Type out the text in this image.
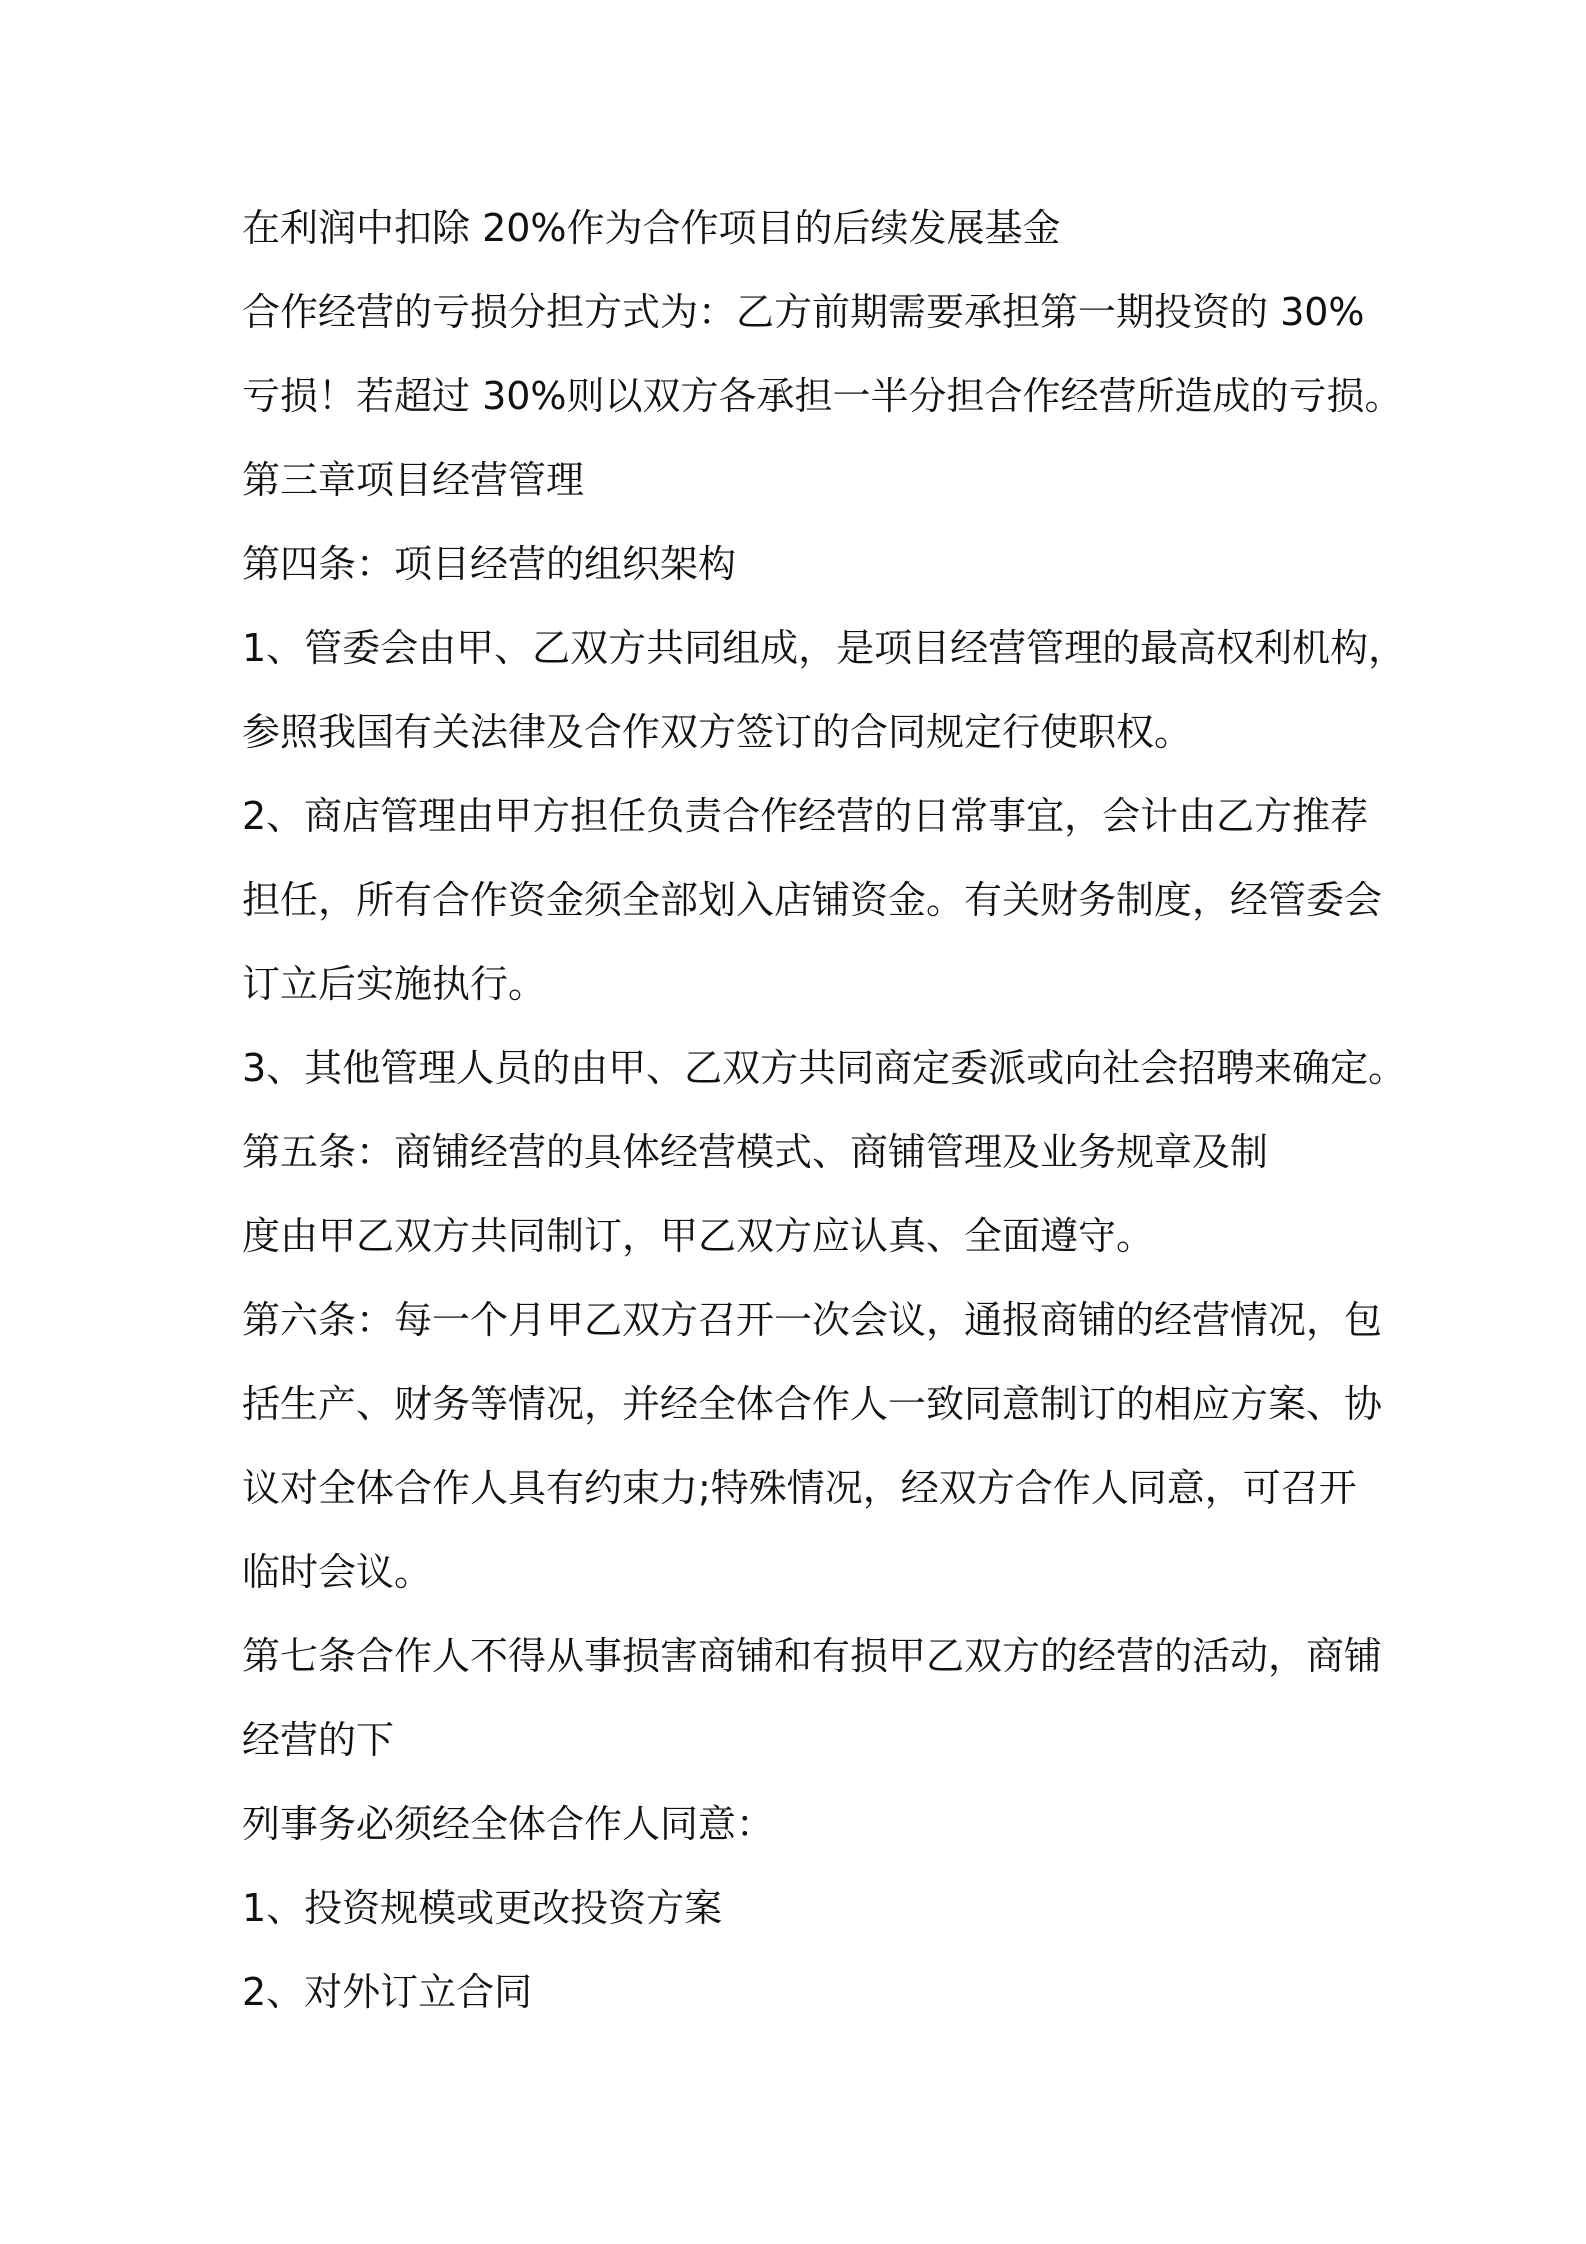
在利润中扣除 20%作为合作项目的后续发展基金

合作经营的亏损分担方式为：乙方前期需要承担第一期投资的 30%

亏损！若超过 30%则以双方各承担一半分担合作经营所造成的亏损。

第三章项目经营管理

第四条：项目经营的组织架构

1、管委会由甲、乙双方共同组成，是项目经营管理的最高权利机构，

参照我国有关法律及合作双方签订的合同规定行使职权。

2、商店管理由甲方担任负责合作经营的日常事宜，会计由乙方推荐

担任，所有合作资金须全部划入店铺资金。有关财务制度，经管委会

订立后实施执行。

3、其他管理人员的由甲、乙双方共同商定委派或向社会招聘来确定。

第五条：商铺经营的具体经营模式、商铺管理及业务规章及制

度由甲乙双方共同制订，甲乙双方应认真、全面遵守。

第六条：每一个月甲乙双方召开一次会议，通报商铺的经营情况，包

括生产、财务等情况，并经全体合作人一致同意制订的相应方案、协

议对全体合作人具有约束力;特殊情况，经双方合作人同意，可召开

临时会议。

第七条合作人不得从事损害商铺和有损甲乙双方的经营的活动，商铺

经营的下

列事务必须经全体合作人同意：

1、投资规模或更改投资方案

2、对外订立合同
